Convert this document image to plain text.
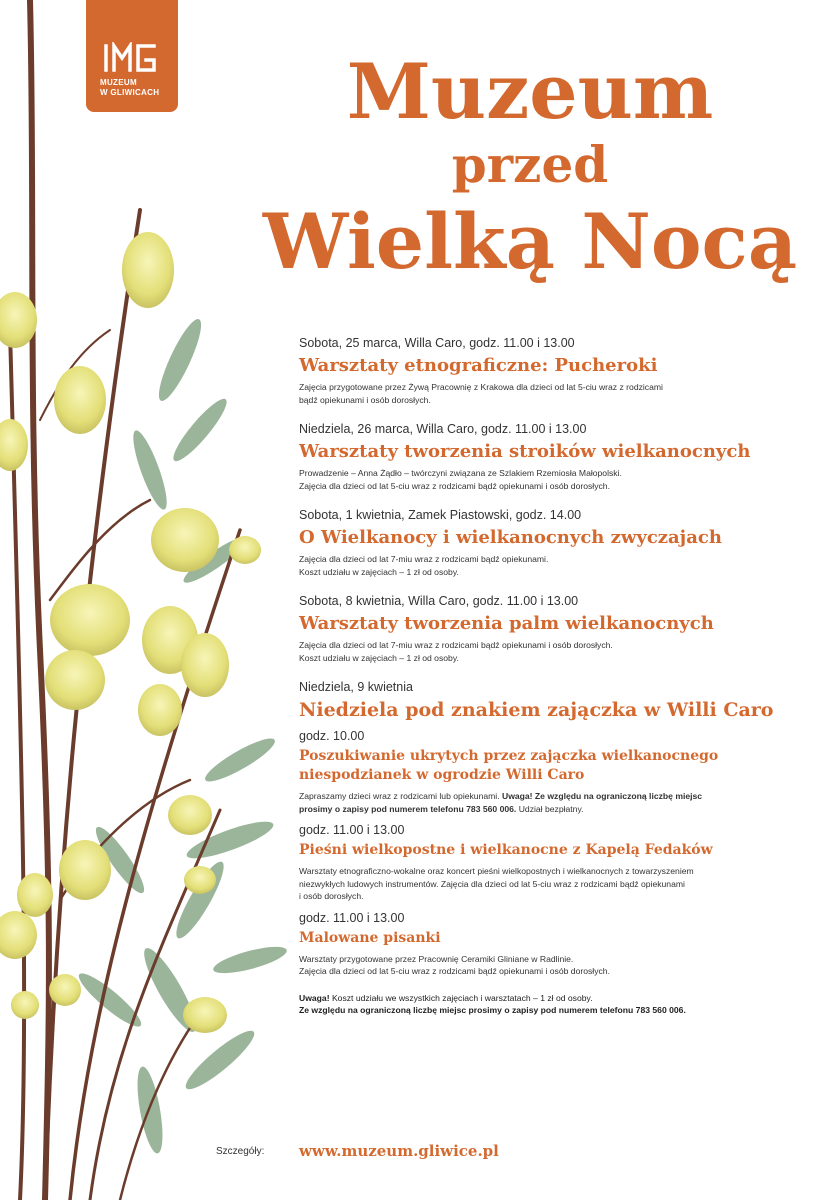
MUZEUM
W GLIWICACH	Muzeum
przed
Wielką Nocą

Sobota, 25 marca, Willa Caro, godz. 11.00 i 13.00

Warsztaty etnograficzne: Pucheroki

Zajęcia przygotowane przez Żywą Pracownię z Krakowa dla dzieci od lat 5-ciu wraz z rodzicami
bądź opiekunami i osób dorosłych.

Niedziela, 26 marca, Willa Caro, godz. 11.00 i 13.00

Warsztaty tworzenia stroików wielkanocnych

Prowadzenie – Anna Żądło – twórczyni związana ze Szlakiem Rzemiosła Małopolski.
Zajęcia dla dzieci od lat 5-ciu wraz z rodzicami bądź opiekunami i osób dorosłych.

Sobota, 1 kwietnia, Zamek Piastowski, godz. 14.00

O Wielkanocy i wielkanocnych zwyczajach

Zajęcia dla dzieci od lat 7-miu wraz z rodzicami bądź opiekunami.
Koszt udziału w zajęciach – 1 zł od osoby.

Sobota, 8 kwietnia, Willa Caro, godz. 11.00 i 13.00

Warsztaty tworzenia palm wielkanocnych

Zajęcia dla dzieci od lat 7-miu wraz z rodzicami bądź opiekunami i osób dorosłych.
Koszt udziału w zajęciach – 1 zł od osoby.

Niedziela, 9 kwietnia

Niedziela pod znakiem zajączka w Willi Caro

godz. 10.00

Poszukiwanie ukrytych przez zajączka wielkanocnego
niespodzianek w ogrodzie Willi Caro

Zapraszamy dzieci wraz z rodzicami lub opiekunami. Uwaga! Ze względu na ograniczoną liczbę miejsc
prosimy o zapisy pod numerem telefonu 783 560 006. Udział bezpłatny.

godz. 11.00 i 13.00

Pieśni wielkopostne i wielkanocne z Kapelą Fedaków

Warsztaty etnograficzno-wokalne oraz koncert pieśni wielkopostnych i wielkanocnych z towarzyszeniem
niezwykłych ludowych instrumentów. Zajęcia dla dzieci od lat 5-ciu wraz z rodzicami bądź opiekunami
i osób dorosłych.

godz. 11.00 i 13.00

Malowane pisanki

Warsztaty przygotowane przez Pracownię Ceramiki Gliniane w Radlinie.
Zajęcia dla dzieci od lat 5-ciu wraz z rodzicami bądź opiekunami i osób dorosłych.

Uwaga! Koszt udziału we wszystkich zajęciach i warsztatach – 1 zł od osoby.
Ze względu na ograniczoną liczbę miejsc prosimy o zapisy pod numerem telefonu 783 560 006.
Szczegóły: www.muzeum.gliwice.pl
